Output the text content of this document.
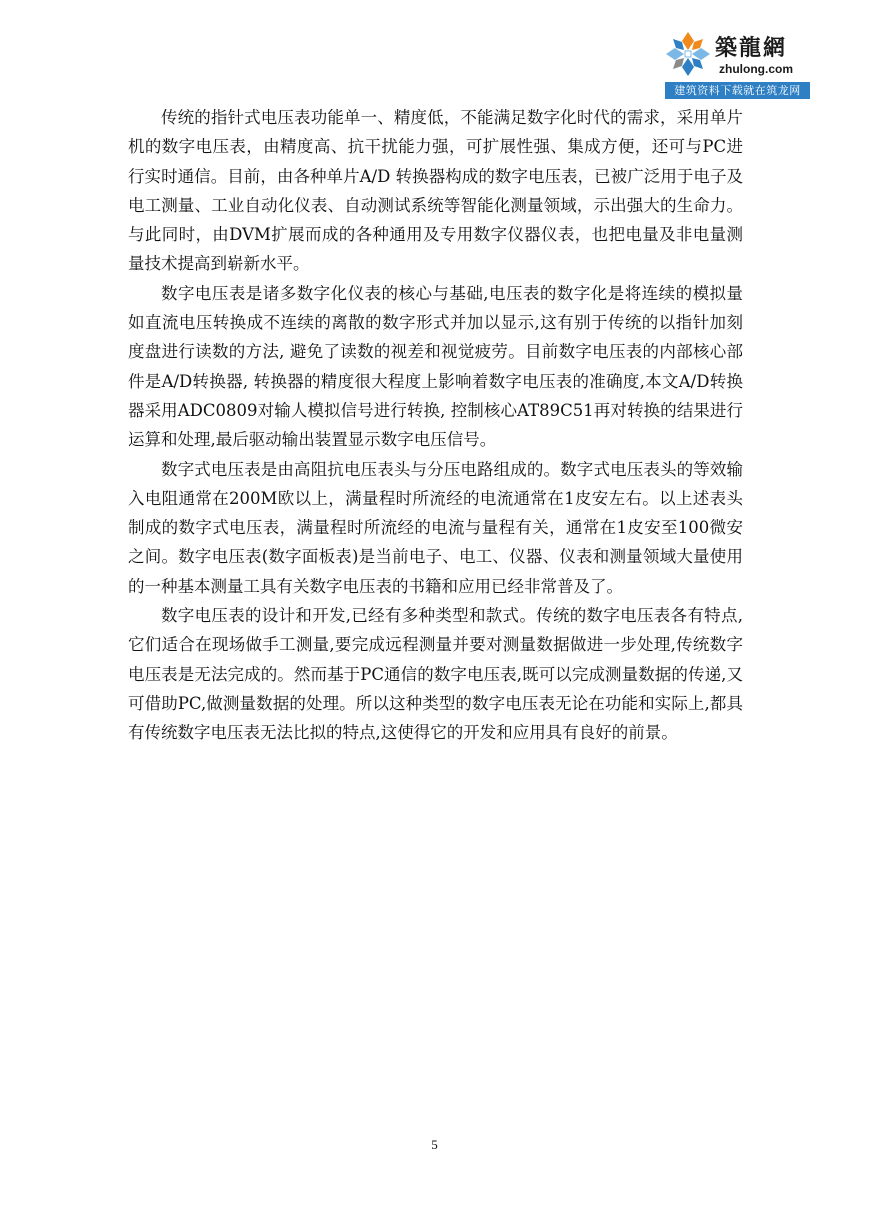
築龍網
zhulong.com
建筑资料下载就在筑龙网

传统的指针式电压表功能单一、精度低，不能满足数字化时代的需求，采用单片机的数字电压表，由精度高、抗干扰能力强，可扩展性强、集成方便，还可与PC进行实时通信。目前，由各种单片A/D 转换器构成的数字电压表，已被广泛用于电子及电工测量、工业自动化仪表、自动测试系统等智能化测量领域，示出强大的生命力。与此同时，由DVM扩展而成的各种通用及专用数字仪器仪表，也把电量及非电量测量技术提高到崭新水平。

数字电压表是诸多数字化仪表的核心与基础,电压表的数字化是将连续的模拟量如直流电压转换成不连续的离散的数字形式并加以显示,这有别于传统的以指针加刻度盘进行读数的方法, 避免了读数的视差和视觉疲劳。目前数字电压表的内部核心部件是A/D转换器, 转换器的精度很大程度上影响着数字电压表的准确度,本文A/D转换器采用ADC0809对输人模拟信号进行转换, 控制核心AT89C51再对转换的结果进行运算和处理,最后驱动输出装置显示数字电压信号。

数字式电压表是由高阻抗电压表头与分压电路组成的。数字式电压表头的等效输入电阻通常在200M欧以上，满量程时所流经的电流通常在1皮安左右。以上述表头制成的数字式电压表，满量程时所流经的电流与量程有关，通常在1皮安至100微安之间。数字电压表(数字面板表)是当前电子、电工、仪器、仪表和测量领域大量使用的一种基本测量工具有关数字电压表的书籍和应用已经非常普及了。

数字电压表的设计和开发,已经有多种类型和款式。传统的数字电压表各有特点,它们适合在现场做手工测量,要完成远程测量并要对测量数据做进一步处理,传统数字电压表是无法完成的。然而基于PC通信的数字电压表,既可以完成测量数据的传递,又可借助PC,做测量数据的处理。所以这种类型的数字电压表无论在功能和实际上,都具有传统数字电压表无法比拟的特点,这使得它的开发和应用具有良好的前景。

5
